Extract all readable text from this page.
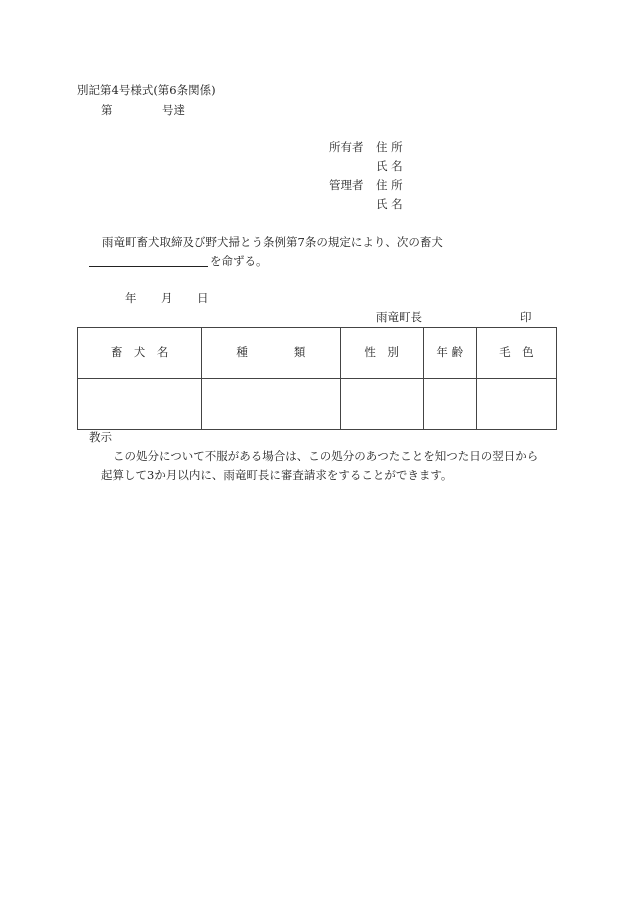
別記第4号様式(第6条関係)
第	号達
所有者 住 所
氏 名
管理者 住 所
氏 名
雨竜町畜犬取締及び野犬掃とう条例第7条の規定により、次の畜犬
を命ずる。
年 月 日
雨竜町長	印
畜　犬　名	種　　　　類	性　別	年 齢	毛　色

教示
この処分について不服がある場合は、この処分のあつたことを知つた日の翌日から
起算して3か月以内に、雨竜町長に審査請求をすることができます。
